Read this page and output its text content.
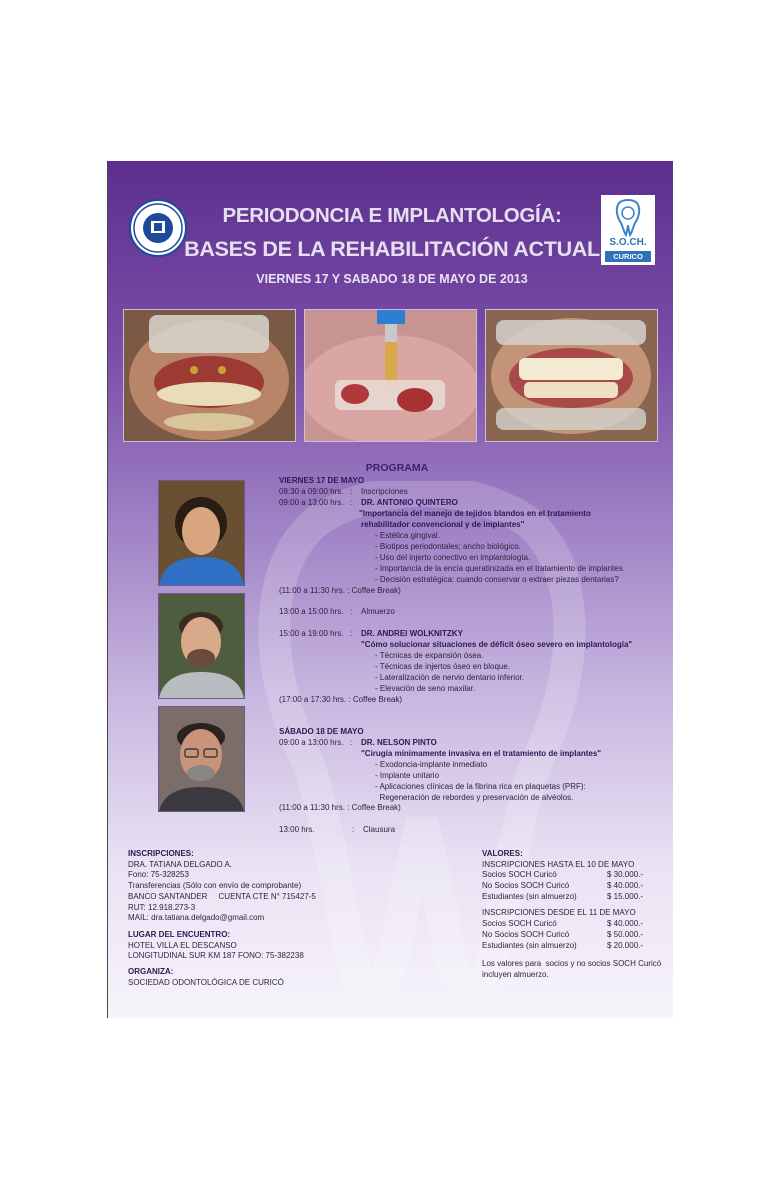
PERIODONCIA E IMPLANTOLOGÍA:
BASES DE LA REHABILITACIÓN ACTUAL
VIERNES 17 Y SABADO 18 DE MAYO DE 2013
S.O.CH.
CURICO
PROGRAMA
VIERNES 17 DE MAYO
08:30 a 09:00 hrs. : Inscripciones
09:00 a 13:00 hrs. : DR. ANTONIO QUINTERO
"Importancia del manejo de tejidos blandos en el tratamiento
rehabilitador convencional y de implantes"
- Estética gingival.
- Biotipos periodontales; ancho biológico.
- Uso del injerto conectivo en implantología.
- Importancia de la encía queratinizada en el tratamiento de implantes.
- Decisión estratégica: cuando conservar o extraer piezas dentarias?
(11:00 a 11:30 hrs. : Coffee Break)
13:00 a 15:00 hrs. : Almuerzo
15:00 a 19:00 hrs. : DR. ANDREI WOLKNITZKY
"Cómo solucionar situaciones de déficit óseo severo en implantología"
- Técnicas de expansión ósea.
- Técnicas de injertos óseo en bloque.
- Lateralización de nervio dentario inferior.
- Elevación de seno maxilar.
(17:00 a 17:30 hrs. : Coffee Break)
SÁBADO 18 DE MAYO
09:00 a 13:00 hrs. : DR. NELSON PINTO
"Cirugía mínimamente invasiva en el tratamiento de implantes"
- Exodoncia-implante inmediato
- Implante unitario
- Aplicaciones clínicas de la fibrina rica en plaquetas (PRF):
Regeneración de rebordes y preservación de alvéolos.
(11:00 a 11:30 hrs. : Coffee Break)
13:00 hrs.	: Clausura
INSCRIPCIONES:
DRA. TATIANA DELGADO A.
Fono: 75-328253
Transferencias (Sólo con envío de comprobante)
BANCO SANTANDER     CUENTA CTE N° 715427-5
RUT: 12.918.273-3
MAIL: dra.tatiana.delgado@gmail.com
LUGAR DEL ENCUENTRO:
HOTEL VILLA EL DESCANSO
LONGITUDINAL SUR KM 187 FONO: 75-382238
ORGANIZA:
SOCIEDAD ODONTOLÓGICA DE CURICÓ
VALORES:
INSCRIPCIONES HASTA EL 10 DE MAYO
Socios SOCH Curicó	$ 30.000.-
No Socios SOCH Curicó	$ 40.000.-
Estudiantes (sin almuerzo)	$ 15.000.-
INSCRIPCIONES DESDE EL 11 DE MAYO
Socios SOCH Curicó	$ 40.000.-
No Socios SOCH Curicó	$ 50.000.-
Estudiantes (sin almuerzo)	$ 20.000.-
Los valores para  socios y no socios SOCH Curicó
incluyen almuerzo.
